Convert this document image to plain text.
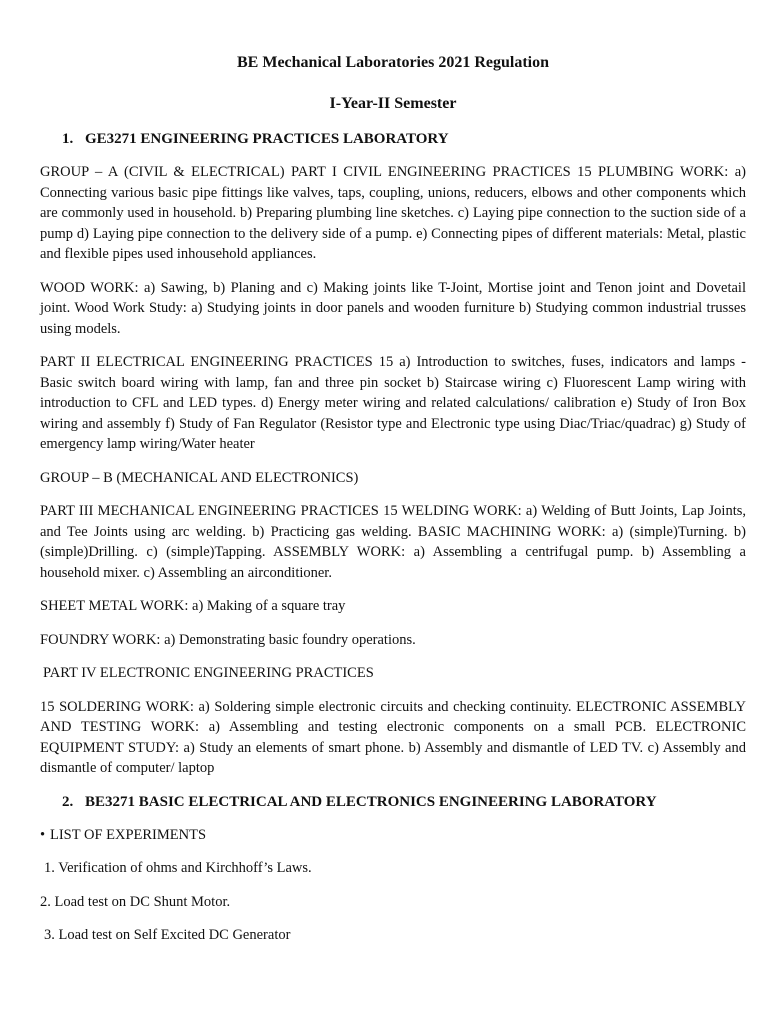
BE Mechanical Laboratories 2021 Regulation

I-Year-II Semester

1. GE3271 ENGINEERING PRACTICES LABORATORY

GROUP – A (CIVIL & ELECTRICAL) PART I CIVIL ENGINEERING PRACTICES 15 PLUMBING WORK: a) Connecting various basic pipe fittings like valves, taps, coupling, unions, reducers, elbows and other components which are commonly used in household. b) Preparing plumbing line sketches. c) Laying pipe connection to the suction side of a pump d) Laying pipe connection to the delivery side of a pump. e) Connecting pipes of different materials: Metal, plastic and flexible pipes used inhousehold appliances.

WOOD WORK: a) Sawing, b) Planing and c) Making joints like T-Joint, Mortise joint and Tenon joint and Dovetail joint. Wood Work Study: a) Studying joints in door panels and wooden furniture b) Studying common industrial trusses using models.

PART II ELECTRICAL ENGINEERING PRACTICES 15 a) Introduction to switches, fuses, indicators and lamps - Basic switch board wiring with lamp, fan and three pin socket b) Staircase wiring c) Fluorescent Lamp wiring with introduction to CFL and LED types. d) Energy meter wiring and related calculations/ calibration e) Study of Iron Box wiring and assembly f) Study of Fan Regulator (Resistor type and Electronic type using Diac/Triac/quadrac) g) Study of emergency lamp wiring/Water heater

GROUP – B (MECHANICAL AND ELECTRONICS)

PART III MECHANICAL ENGINEERING PRACTICES 15 WELDING WORK: a) Welding of Butt Joints, Lap Joints, and Tee Joints using arc welding. b) Practicing gas welding. BASIC MACHINING WORK: a) (simple)Turning. b) (simple)Drilling. c) (simple)Tapping. ASSEMBLY WORK: a) Assembling a centrifugal pump. b) Assembling a household mixer. c) Assembling an airconditioner.

SHEET METAL WORK: a) Making of a square tray

FOUNDRY WORK: a) Demonstrating basic foundry operations.

PART IV ELECTRONIC ENGINEERING PRACTICES

15 SOLDERING WORK: a) Soldering simple electronic circuits and checking continuity. ELECTRONIC ASSEMBLY AND TESTING WORK: a) Assembling and testing electronic components on a small PCB. ELECTRONIC EQUIPMENT STUDY: a) Study an elements of smart phone. b) Assembly and dismantle of LED TV. c) Assembly and dismantle of computer/ laptop

2. BE3271 BASIC ELECTRICAL AND ELECTRONICS ENGINEERING LABORATORY

• LIST OF EXPERIMENTS

1. Verification of ohms and Kirchhoff’s Laws.

2. Load test on DC Shunt Motor.

3. Load test on Self Excited DC Generator
